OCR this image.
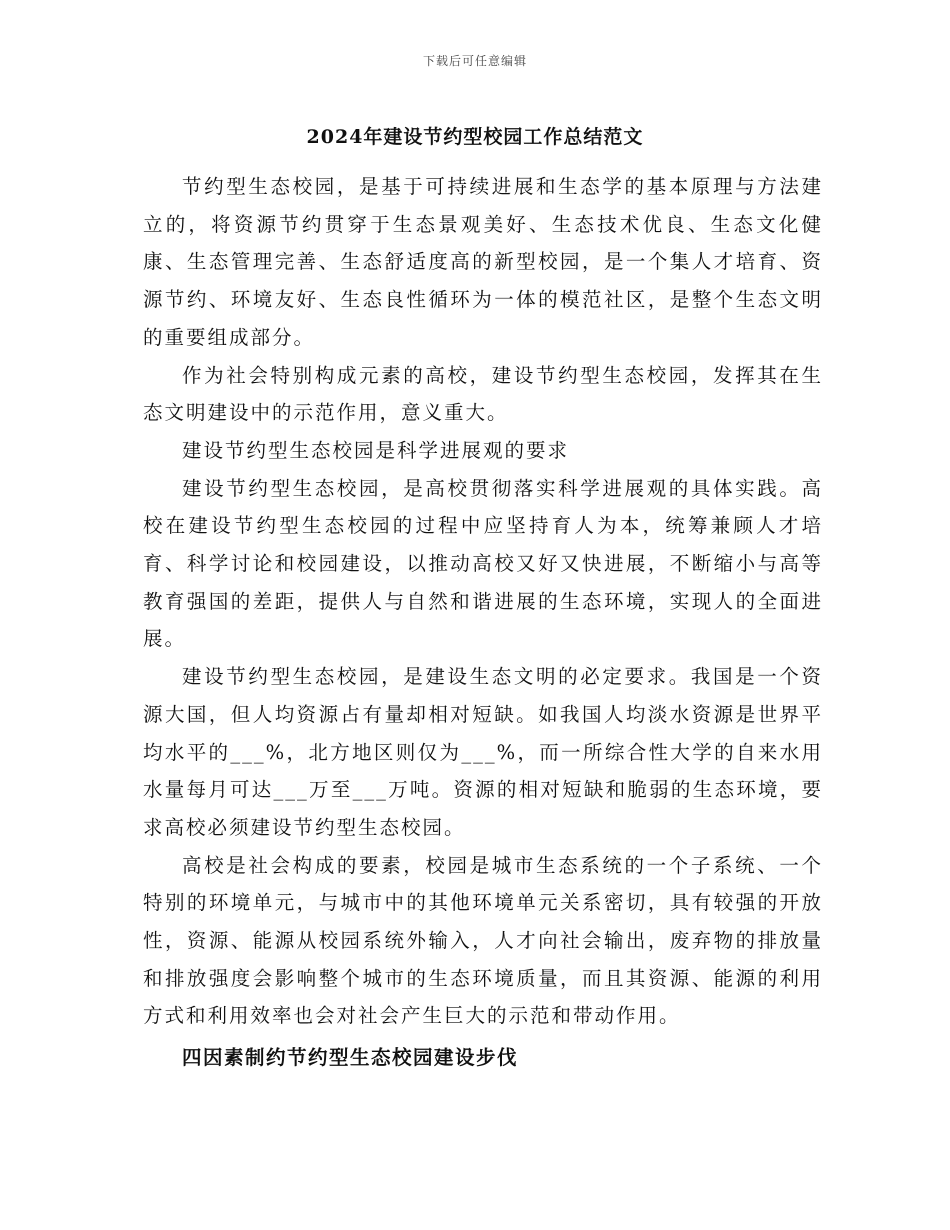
下载后可任意编辑
2024年建设节约型校园工作总结范文

节约型生态校园，是基于可持续进展和生态学的基本原理与方法建立的，将资源节约贯穿于生态景观美好、生态技术优良、生态文化健康、生态管理完善、生态舒适度高的新型校园，是一个集人才培育、资源节约、环境友好、生态良性循环为一体的模范社区，是整个生态文明的重要组成部分。

作为社会特别构成元素的高校，建设节约型生态校园，发挥其在生态文明建设中的示范作用，意义重大。

建设节约型生态校园是科学进展观的要求

建设节约型生态校园，是高校贯彻落实科学进展观的具体实践。高校在建设节约型生态校园的过程中应坚持育人为本，统筹兼顾人才培育、科学讨论和校园建设，以推动高校又好又快进展，不断缩小与高等教育强国的差距，提供人与自然和谐进展的生态环境，实现人的全面进展。

建设节约型生态校园，是建设生态文明的必定要求。我国是一个资源大国，但人均资源占有量却相对短缺。如我国人均淡水资源是世界平均水平的___%，北方地区则仅为___%，而一所综合性大学的自来水用水量每月可达___万至___万吨。资源的相对短缺和脆弱的生态环境，要求高校必须建设节约型生态校园。

高校是社会构成的要素，校园是城市生态系统的一个子系统、一个特别的环境单元，与城市中的其他环境单元关系密切，具有较强的开放性，资源、能源从校园系统外输入，人才向社会输出，废弃物的排放量和排放强度会影响整个城市的生态环境质量，而且其资源、能源的利用方式和利用效率也会对社会产生巨大的示范和带动作用。

四因素制约节约型生态校园建设步伐
